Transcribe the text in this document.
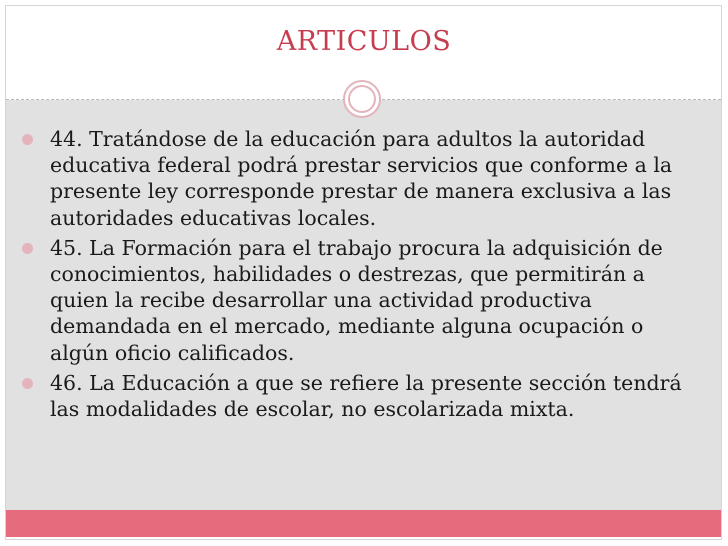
ARTICULOS
44. Tratándose de la educación para adultos la autoridad educativa federal podrá prestar servicios que conforme a la presente ley corresponde prestar de manera exclusiva a las autoridades educativas locales.
45. La Formación para el trabajo procura la adquisición de conocimientos, habilidades o destrezas, que permitirán a quien la recibe desarrollar una actividad productiva demandada en el mercado, mediante alguna ocupación o algún oficio calificados.
46. La Educación a que se refiere la presente sección tendrá las modalidades de escolar, no escolarizada mixta.
